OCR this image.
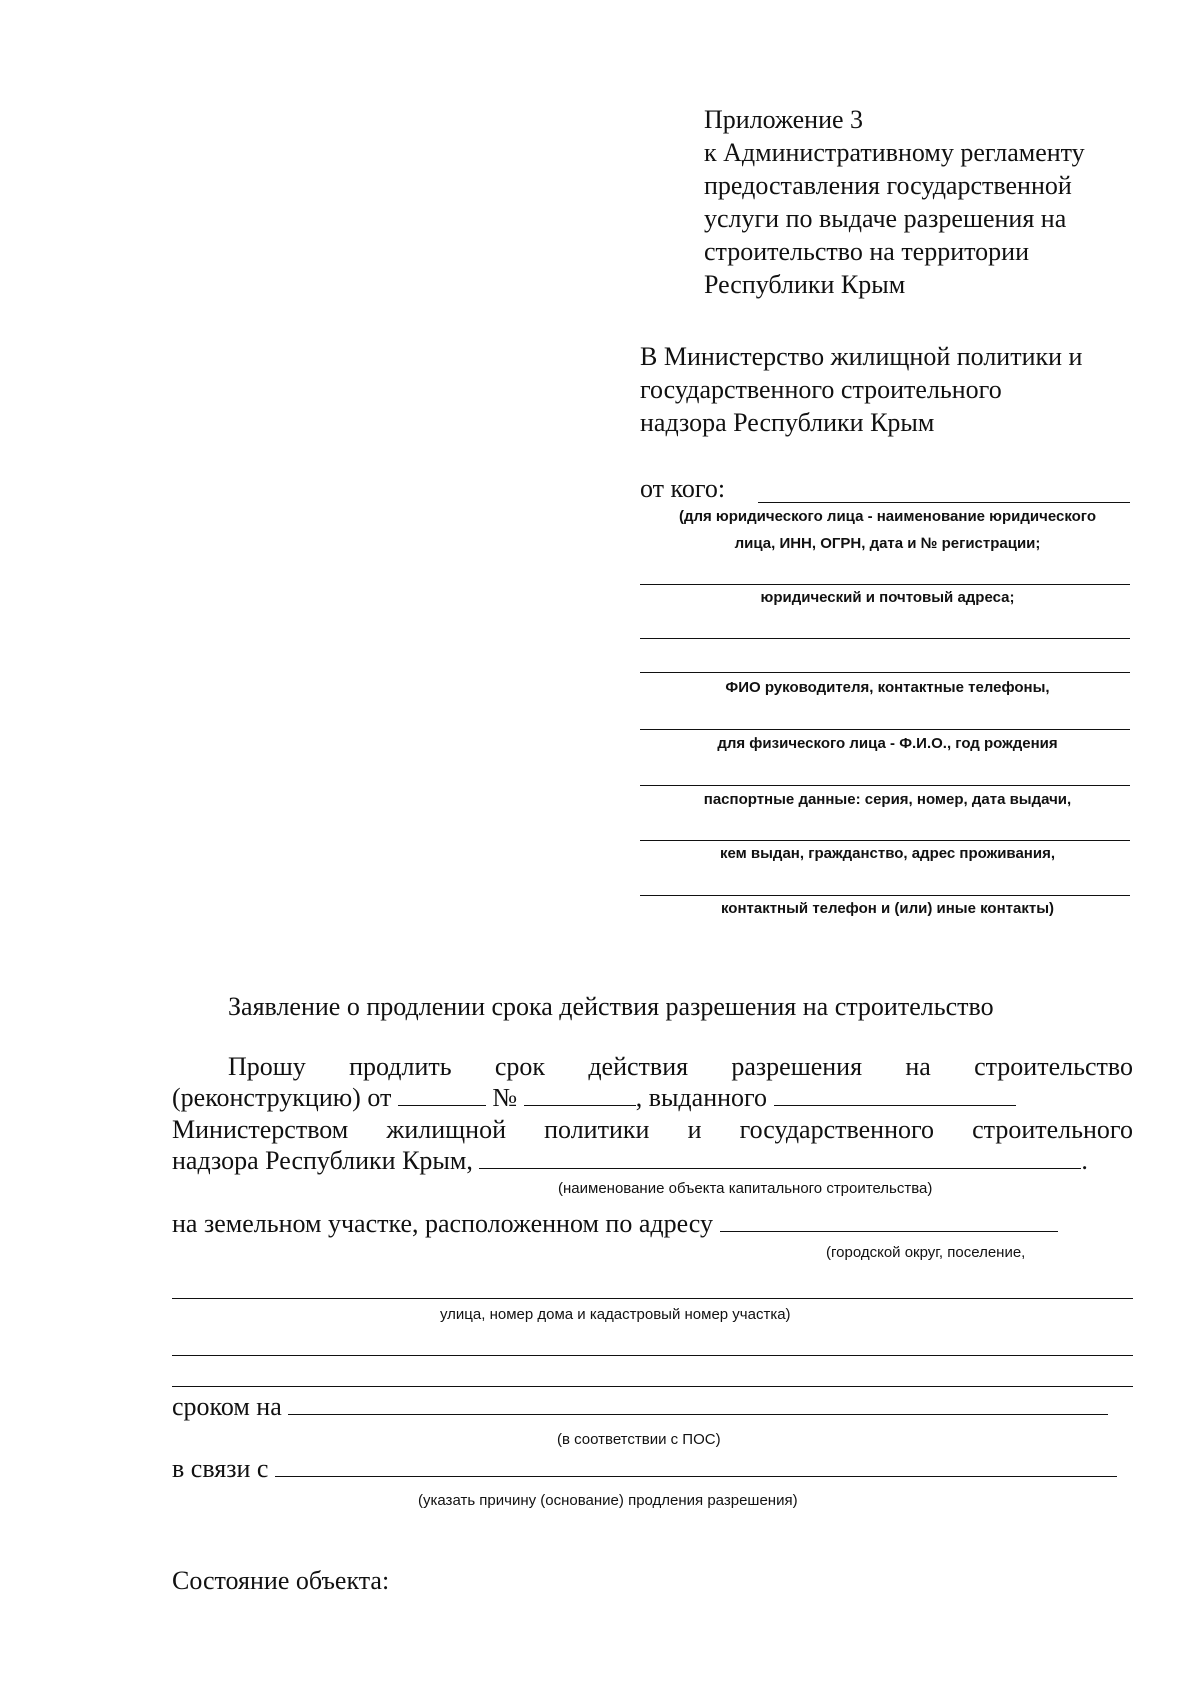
Приложение 3
к Административному регламенту
предоставления государственной
услуги по выдаче разрешения на
строительство на территории
Республики Крым
В Министерство жилищной политики и
государственного строительного
надзора Республики Крым
от кого:
(для юридического лица - наименование юридического
лица, ИНН, ОГРН, дата и № регистрации;
юридический и почтовый адреса;
ФИО руководителя, контактные телефоны,
для физического лица - Ф.И.О., год рождения
паспортные данные: серия, номер, дата выдачи,
кем выдан, гражданство, адрес проживания,
контактный телефон и (или) иные контакты)
Заявление о продлении срока действия разрешения на строительство
Прошу продлить срок действия разрешения на строительство
(реконструкцию) от	№	, выданного
Министерством жилищной политики и государственного строительного
надзора Республики Крым,	.
(наименование объекта капитального строительства)
на земельном участке, расположенном по адресу
(городской округ, поселение,
улица, номер дома и кадастровый номер участка)
сроком на
(в соответствии с ПОС)
в связи с
(указать причину (основание) продления разрешения)
Состояние объекта:
